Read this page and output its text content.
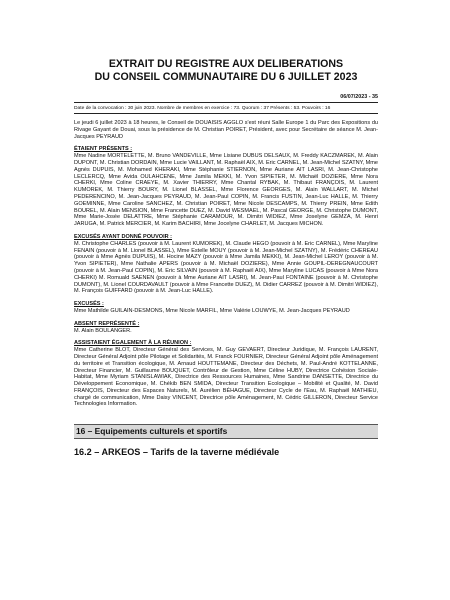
EXTRAIT DU REGISTRE AUX DELIBERATIONS

DU CONSEIL COMMUNAUTAIRE DU 6 JUILLET 2023

06/07/2023 - 35

Date de la convocation : 30 juin 2023. Nombre de membres en exercice : 73. Quorum : 37 Présents : 53. Pouvoirs : 16

Le jeudi 6 juillet 2023 à 18 heures, le Conseil de DOUAISIS AGGLO s'est réuni Salle Europe 1 du Parc des Expositions du Rivage Gayant de Douai, sous la présidence de M. Christian POIRET, Président, avec pour Secrétaire de séance M. Jean-Jacques PEYRAUD

ÉTAIENT PRÉSENTS :

Mme Nadine MORTELETTE, M. Bruno VANDEVILLE, Mme Lisiane DUBUS DELSAUX, M. Freddy KACZMAREK, M. Alain DUPONT, M. Christian DORDAIN, Mme Lucie VAILLANT, M. Raphaël AIX, M. Eric CARNEL, M. Jean-Michel SZATNY, Mme Agnès DUPUIS, M. Mohamed KHERAKI, Mme Stéphanie STIERNON, Mme Auriane AIT LASRI, M. Jean-Christophe LECLERCQ, Mme Avida OULAHCENE, Mme Jamila MEKKI, M. Yvon SIPIETER, M. Michaël DOZIERE, Mme Nora CHERKI, Mme Coline CRAEYE, M. Xavier THIERRY, Mme Chantal RYBAK, M. Thibaut FRANÇOIS, M. Laurent KUMOREK, M. Thierry BOURY, M. Lionel BLASSEL, Mme Florence GEORGES, M. Alain WALLART, M. Michel PEDERENCINO, M. Jean-Jacques PEYRAUD, M. Jean-Paul COPIN, M. Francis FUSTIN, Jean-Luc HALLE, M. Thierry GOEMINNE, Mme Caroline SANCHEZ, M. Christian POIRET, Mme Nicole DESCAMPS, M. Thierry PREIN, Mme Edith BOUREL, M. Alain MENSION, Mme Francette DUEZ, M. David WESMAEL, M. Pascal GEORGE, M. Christophe DUMONT, Mme Marie-Josée DELATTRE, Mme Stéphanie CARAMOUR, M. Dimitri WIDIEZ, Mme Joselyne GEMZA, M. Henri JARUGA, M. Patrick MERCIER, M. Karim BACHIRI, Mme Jocelyne CHARLET, M. Jacques MICHON.

EXCUSÉS AYANT DONNÉ POUVOIR :

M. Christophe CHARLES (pouvoir à M. Laurent KUMOREK), M. Claude HEGO (pouvoir à M. Eric CARNEL), Mme Maryline FENAIN (pouvoir à M. Lionel BLASSEL), Mme Estelle MOUY (pouvoir à M. Jean-Michel SZATNY), M. Frédéric CHEREAU (pouvoir à Mme Agnès DUPUIS), M. Hocine MAZY (pouvoir à Mme Jamila MEKKI), M. Jean-Michel LEROY (pouvoir à M. Yvon SIPIETER), Mme Nathalie APERS (pouvoir à M. Michaël DOZIERE), Mme Annie GOUPIL-DEREGNAUCOURT (pouvoir à M. Jean-Paul COPIN), M. Eric SILVAIN (pouvoir à M. Raphaël AIX), Mme Maryline LUCAS (pouvoir à Mme Nora CHERKI) M. Romuald SAENEN (pouvoir à Mme Auriane AIT LASRI), M. Jean-Paul FONTAINE (pouvoir à M. Christophe DUMONT), M. Lionel COURDAVAULT (pouvoir à Mme Francette DUEZ), M. Didier CARREZ (pouvoir à M. Dimitri WIDIEZ), M. François GUIFFARD (pouvoir à M. Jean-Luc HALLE).

EXCUSÉS :

Mme Mathilde GUILAIN-DESMONS, Mme Nicole MARFIL, Mme Valérie LOUWYE, M. Jean-Jacques PEYRAUD

ABSENT REPRÉSENTÉ :

M. Alain BOULANGER.

ASSISTAIENT ÉGALEMENT À LA RÉUNION :

Mme Catherine BLOT, Directeur Général des Services, M. Guy GEVAERT, Directeur Juridique, M. François LAURENT, Directeur Général Adjoint pôle Pilotage et Solidarités, M. Franck FOURNIER, Directeur Général Adjoint pôle Aménagement du territoire et Transition écologique, M. Arnaud HOUTTEMANE, Directeur des Déchets, M. Paul-André KOTTELANNE, Directeur Financier, M. Guillaume BOUQUET, Contrôleur de Gestion, Mme Céline HUBY, Directrice Cohésion Sociale-Habitat, Mme Myriam STANISLAWIAK, Directrice des Ressources Humaines, Mme Sandrine DANSETTE, Directrice du Développement Economique, M. Chékib BEN SMIDA, Directeur Transition Ecologique – Mobilité et Qualité, M. David FRANÇOIS, Directeur des Espaces Naturels, M. Aurélien BÉHAGUE, Directeur Cycle de l'Eau, M. Raphaël MATHIEU, chargé de communication, Mme Daisy VINCENT, Directrice pôle Aménagement, M. Cédric GILLERON, Directeur Service Technologies Information.

16 – Equipements culturels et sportifs

16.2 – ARKEOS – Tarifs de la taverne médiévale
